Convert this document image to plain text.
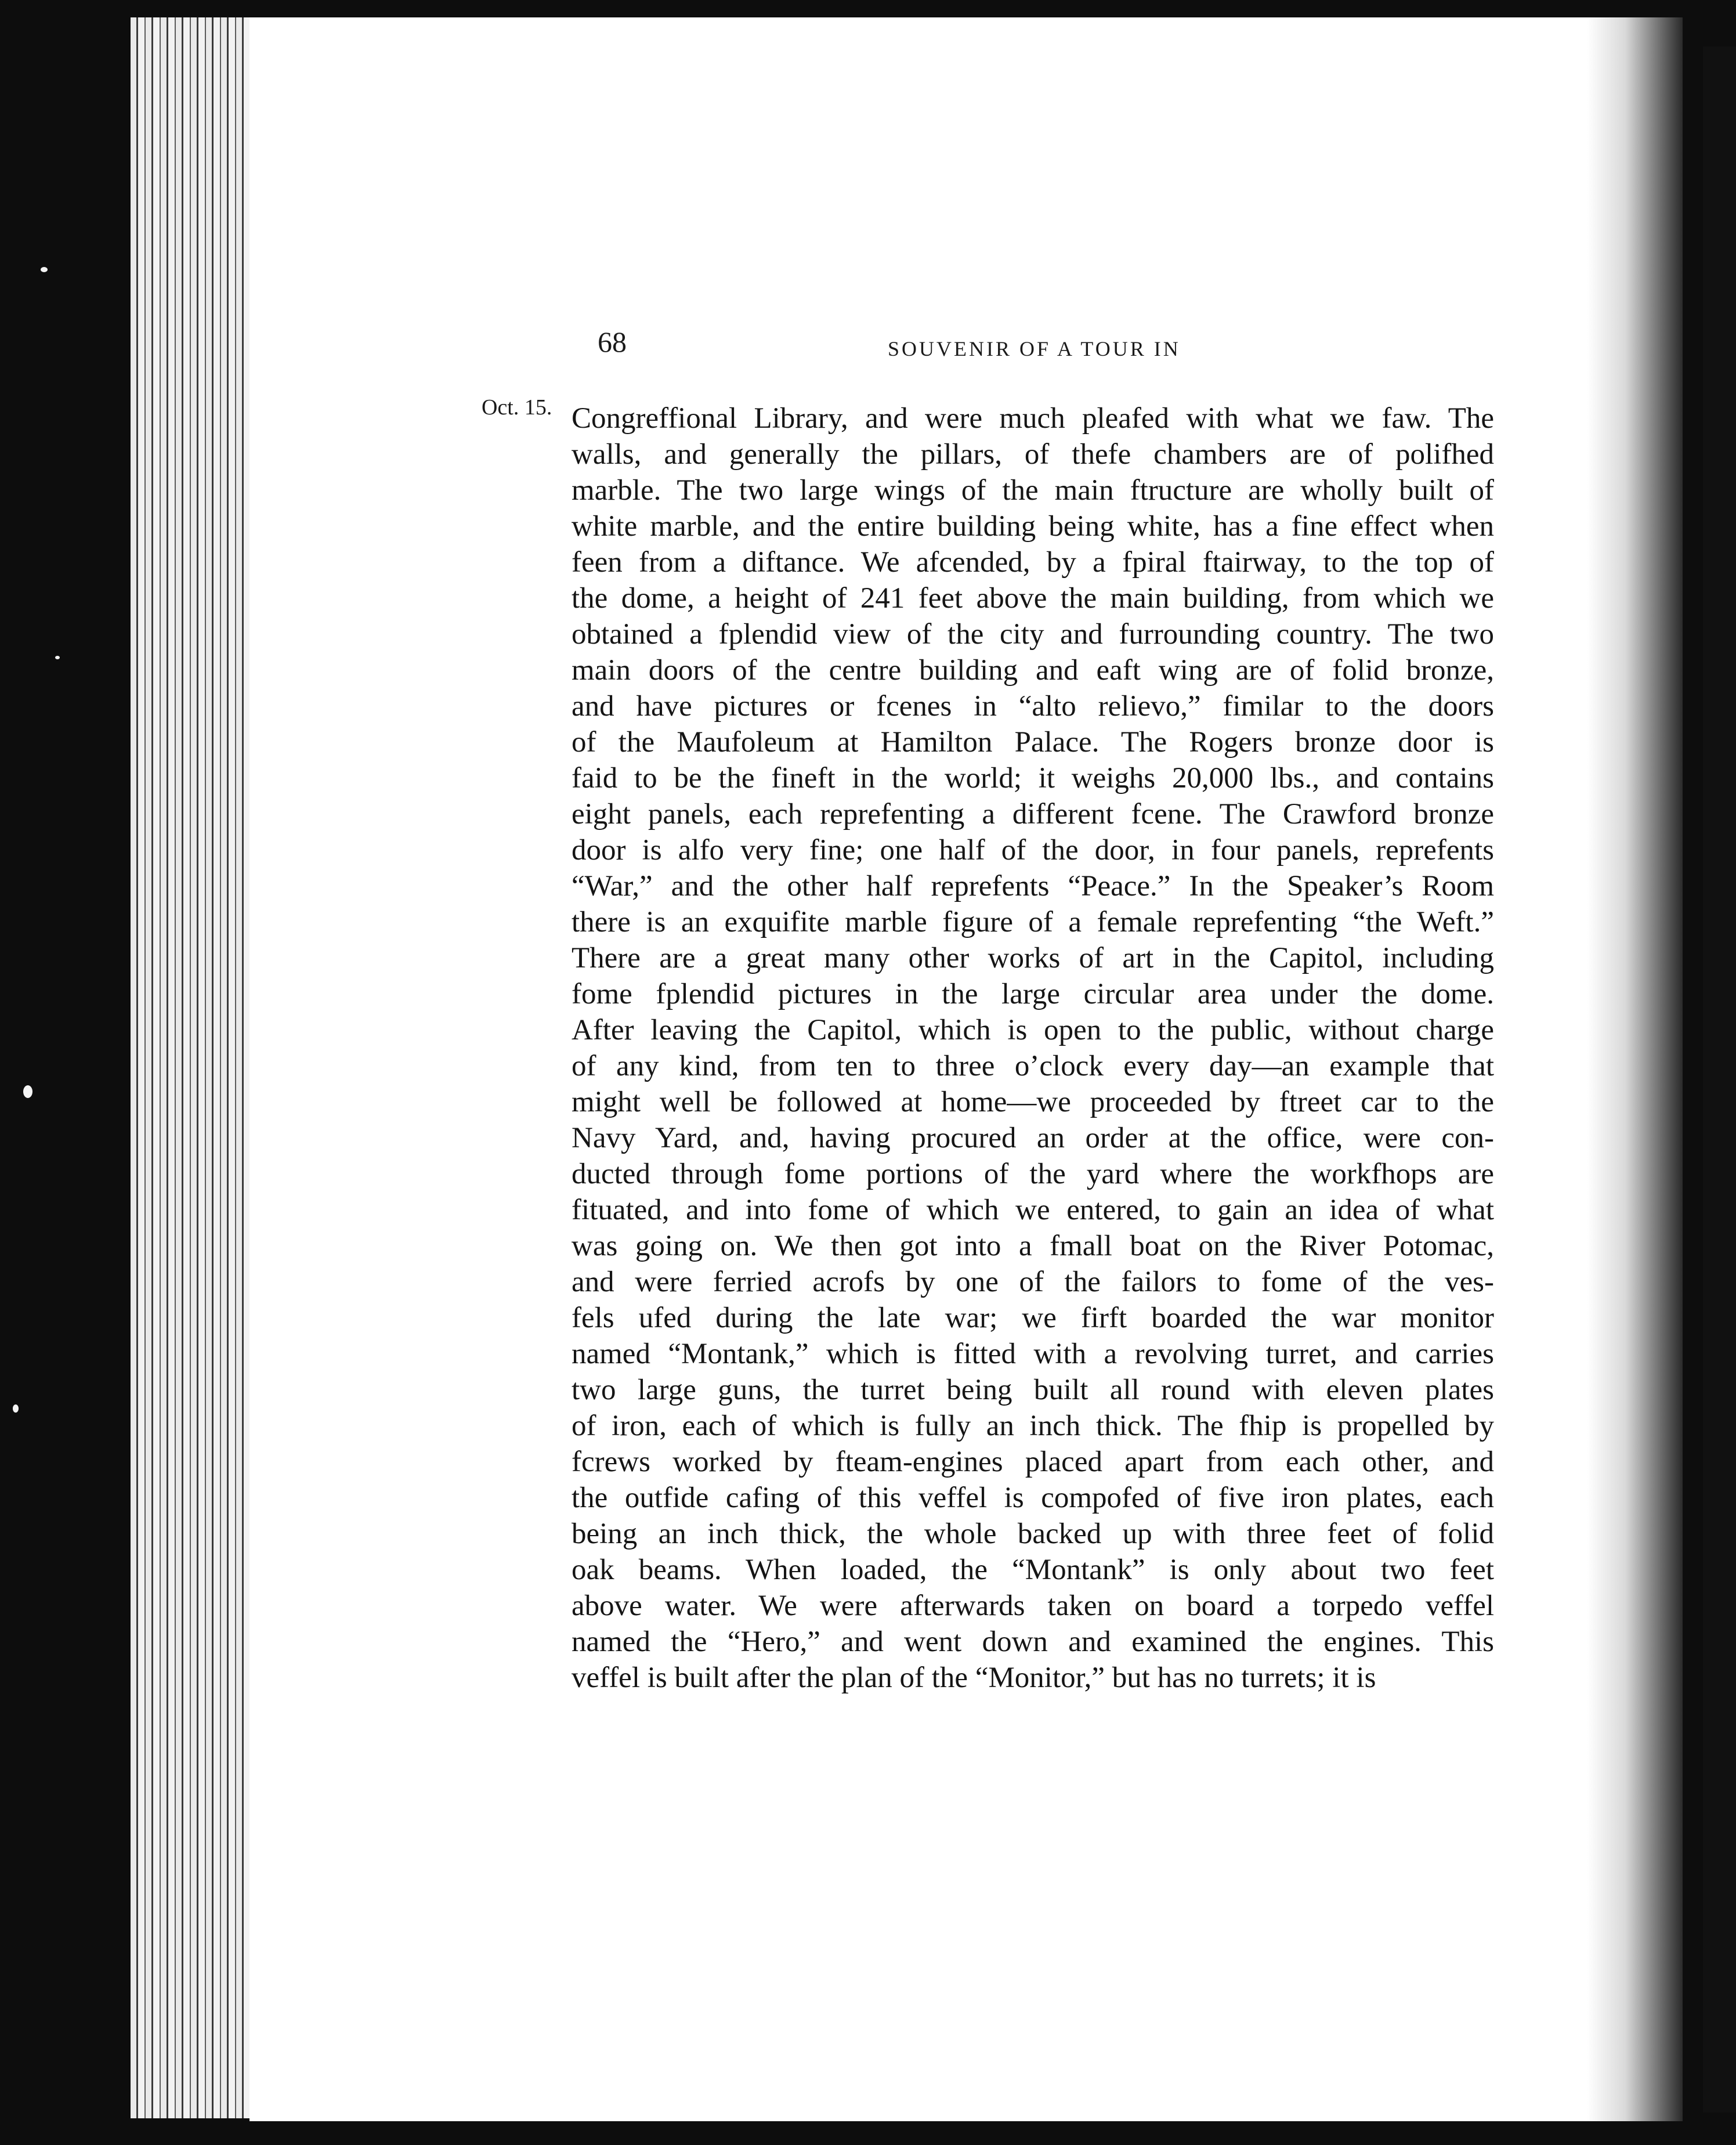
68	SOUVENIR OF A TOUR IN
Oct. 15. Congreffional Library, and were much pleafed with what we faw. The
walls, and generally the pillars, of thefe chambers are of polifhed
marble. The two large wings of the main ftructure are wholly built of
white marble, and the entire building being white, has a fine effect when
feen from a diftance. We afcended, by a fpiral ftairway, to the top of
the dome, a height of 241 feet above the main building, from which we
obtained a fplendid view of the city and furrounding country. The two
main doors of the centre building and eaft wing are of folid bronze,
and have pictures or fcenes in “alto relievo,” fimilar to the doors
of the Maufoleum at Hamilton Palace. The Rogers bronze door is
faid to be the fineft in the world; it weighs 20,000 lbs., and contains
eight panels, each reprefenting a different fcene. The Crawford bronze
door is alfo very fine; one half of the door, in four panels, reprefents
“War,” and the other half reprefents “Peace.” In the Speaker’s Room
there is an exquifite marble figure of a female reprefenting “the Weft.”
There are a great many other works of art in the Capitol, including
fome fplendid pictures in the large circular area under the dome.
After leaving the Capitol, which is open to the public, without charge
of any kind, from ten to three o’clock every day—an example that
might well be followed at home—we proceeded by ftreet car to the
Navy Yard, and, having procured an order at the office, were con-
ducted through fome portions of the yard where the workfhops are
fituated, and into fome of which we entered, to gain an idea of what
was going on. We then got into a fmall boat on the River Potomac,
and were ferried acrofs by one of the failors to fome of the ves-
fels ufed during the late war; we firft boarded the war monitor
named “Montank,” which is fitted with a revolving turret, and carries
two large guns, the turret being built all round with eleven plates
of iron, each of which is fully an inch thick. The fhip is propelled by
fcrews worked by fteam-engines placed apart from each other, and
the outfide cafing of this veffel is compofed of five iron plates, each
being an inch thick, the whole backed up with three feet of folid
oak beams. When loaded, the “Montank” is only about two feet
above water. We were afterwards taken on board a torpedo veffel
named the “Hero,” and went down and examined the engines. This
veffel is built after the plan of the “Monitor,” but has no turrets; it is
